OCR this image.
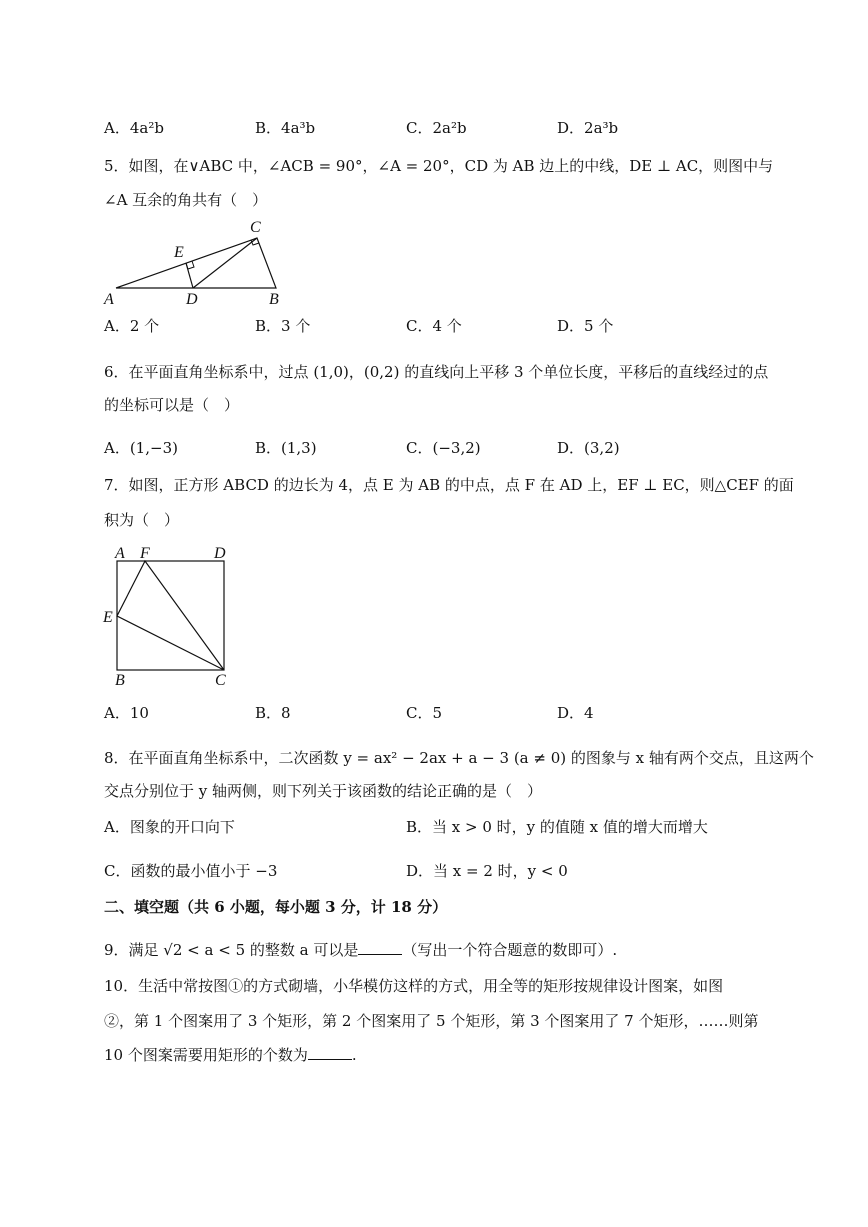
A．4a²b	B．4a³b	C．2a²b	D．2a³b
5．如图，在∨ABC 中，∠ACB = 90°，∠A = 20°，CD 为 AB 边上的中线，DE ⊥ AC，则图中与
∠A 互余的角共有（　）
A	B
C
D
E
A．2 个	B．3 个	C．4 个	D．5 个
6．在平面直角坐标系中，过点 (1,0)，(0,2) 的直线向上平移 3 个单位长度，平移后的直线经过的点
的坐标可以是（　）
A．(1,−3)	B．(1,3)	C．(−3,2)	D．(3,2)
7．如图，正方形 ABCD 的边长为 4，点 E 为 AB 的中点，点 F 在 AD 上，EF ⊥ EC，则△CEF 的面
积为（　）
A F	D
E
B	C
A．10	B．8	C．5	D．4
8．在平面直角坐标系中，二次函数 y = ax² − 2ax + a − 3 (a ≠ 0) 的图象与 x 轴有两个交点，且这两个
交点分别位于 y 轴两侧，则下列关于该函数的结论正确的是（　）
A．图象的开口向下	B．当 x > 0 时，y 的值随 x 值的增大而增大
C．函数的最小值小于 −3	D．当 x = 2 时，y < 0
二、填空题（共 6 小题，每小题 3 分，计 18 分）
9．满足 √2 < a < 5 的整数 a 可以是	（写出一个符合题意的数即可）.
10．生活中常按图①的方式砌墙，小华模仿这样的方式，用全等的矩形按规律设计图案，如图
②，第 1 个图案用了 3 个矩形，第 2 个图案用了 5 个矩形，第 3 个图案用了 7 个矩形，……则第
10 个图案需要用矩形的个数为	.
